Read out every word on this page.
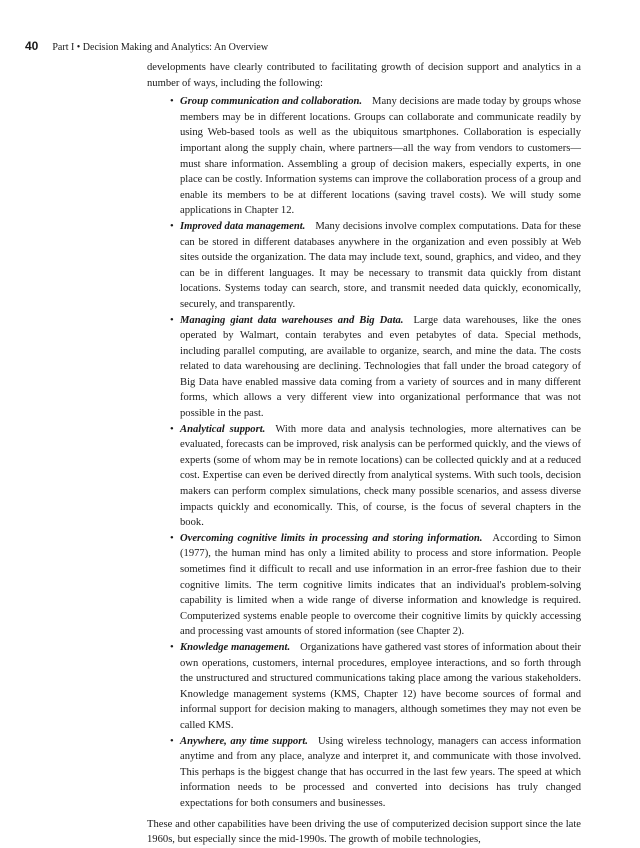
40 Part I • Decision Making and Analytics: An Overview

developments have clearly contributed to facilitating growth of decision support and analytics in a number of ways, including the following:

• Group communication and collaboration. Many decisions are made today by groups whose members may be in different locations. Groups can collaborate and communicate readily by using Web-based tools as well as the ubiquitous smartphones. Collaboration is especially important along the supply chain, where partners—all the way from vendors to customers—must share information. Assembling a group of decision makers, especially experts, in one place can be costly. Information systems can improve the collaboration process of a group and enable its members to be at different locations (saving travel costs). We will study some applications in Chapter 12.
• Improved data management. Many decisions involve complex computations. Data for these can be stored in different databases anywhere in the organization and even possibly at Web sites outside the organization. The data may include text, sound, graphics, and video, and they can be in different languages. It may be necessary to transmit data quickly from distant locations. Systems today can search, store, and transmit needed data quickly, economically, securely, and transparently.
• Managing giant data warehouses and Big Data. Large data warehouses, like the ones operated by Walmart, contain terabytes and even petabytes of data. Special methods, including parallel computing, are available to organize, search, and mine the data. The costs related to data warehousing are declining. Technologies that fall under the broad category of Big Data have enabled massive data coming from a variety of sources and in many different forms, which allows a very different view into organizational performance that was not possible in the past.
• Analytical support. With more data and analysis technologies, more alternatives can be evaluated, forecasts can be improved, risk analysis can be performed quickly, and the views of experts (some of whom may be in remote locations) can be collected quickly and at a reduced cost. Expertise can even be derived directly from analytical systems. With such tools, decision makers can perform complex simulations, check many possible scenarios, and assess diverse impacts quickly and economically. This, of course, is the focus of several chapters in the book.
• Overcoming cognitive limits in processing and storing information. According to Simon (1977), the human mind has only a limited ability to process and store information. People sometimes find it difficult to recall and use information in an error-free fashion due to their cognitive limits. The term cognitive limits indicates that an individual's problem-solving capability is limited when a wide range of diverse information and knowledge is required. Computerized systems enable people to overcome their cognitive limits by quickly accessing and processing vast amounts of stored information (see Chapter 2).
• Knowledge management. Organizations have gathered vast stores of information about their own operations, customers, internal procedures, employee interactions, and so forth through the unstructured and structured communications taking place among the various stakeholders. Knowledge management systems (KMS, Chapter 12) have become sources of formal and informal support for decision making to managers, although sometimes they may not even be called KMS.
• Anywhere, any time support. Using wireless technology, managers can access information anytime and from any place, analyze and interpret it, and communicate with those involved. This perhaps is the biggest change that has occurred in the last few years. The speed at which information needs to be processed and converted into decisions has truly changed expectations for both consumers and businesses.

These and other capabilities have been driving the use of computerized decision support since the late 1960s, but especially since the mid-1990s. The growth of mobile technologies,
